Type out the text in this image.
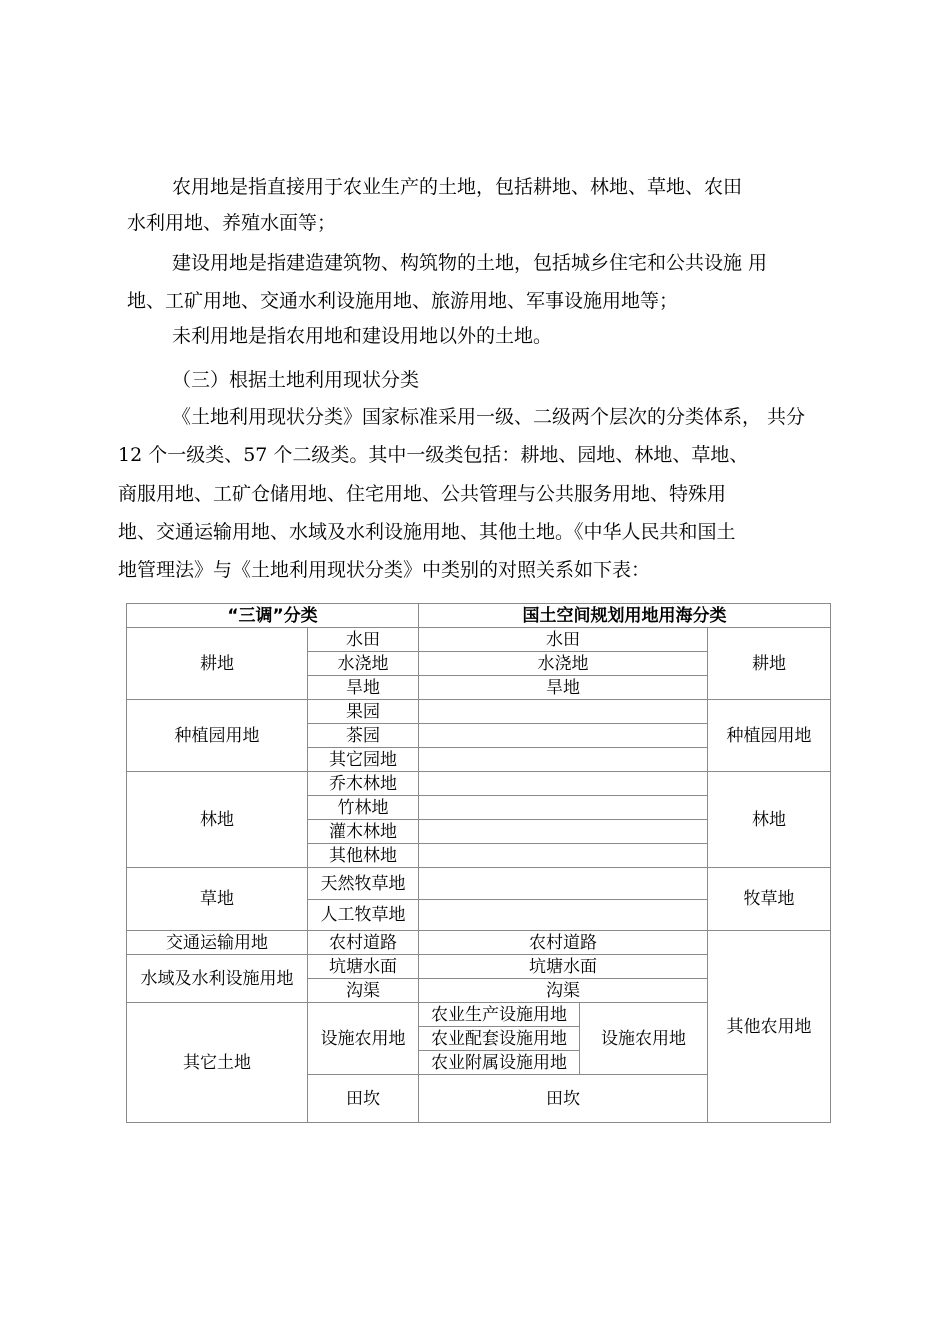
农用地是指直接用于农业生产的土地，包括耕地、林地、草地、农田

水利用地、养殖水面等；

建设用地是指建造建筑物、构筑物的土地，包括城乡住宅和公共设施 用

地、工矿用地、交通水利设施用地、旅游用地、军事设施用地等；

未利用地是指农用地和建设用地以外的土地。

（三）根据土地利用现状分类

《土地利用现状分类》国家标准采用一级、二级两个层次的分类体系， 共分

12 个一级类、57 个二级类。其中一级类包括：耕地、园地、林地、草地、

商服用地、工矿仓储用地、住宅用地、公共管理与公共服务用地、特殊用

地、交通运输用地、水域及水利设施用地、其他土地。《中华人民共和国土

地管理法》与《土地利用现状分类》中类别的对照关系如下表：

“三调”分类		国土空间规划用地用海分类		
耕地	水田	水田		耕地
	水浇地	水浇地		
	旱地	旱地		
种植园用地	果园			种植园用地
	茶园			
	其它园地			
林地	乔木林地			林地
	竹林地			
	灌木林地			
	其他林地			
草地	天然牧草地			牧草地
	人工牧草地			
交通运输用地	农村道路	农村道路		其他农用地
水域及水利设施用地	坑塘水面	坑塘水面		
	沟渠	沟渠		
其它土地	设施农用地	农业生产设施用地	设施农用地	
		农业配套设施用地		
		农业附属设施用地		
	田坎	田坎		
